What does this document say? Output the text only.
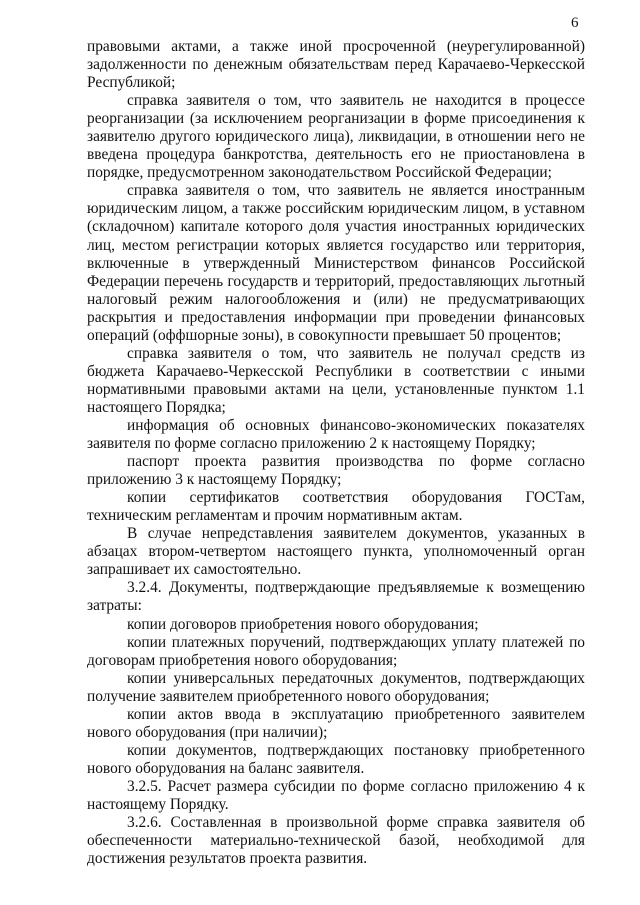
6

правовыми актами, а также иной просроченной (неурегулированной) задолженности по денежным обязательствам перед Карачаево-Черкесской Республикой;

справка заявителя о том, что заявитель не находится в процессе реорганизации (за исключением реорганизации в форме присоединения к заявителю другого юридического лица), ликвидации, в отношении него не введена процедура банкротства, деятельность его не приостановлена в порядке, предусмотренном законодательством Российской Федерации;

справка заявителя о том, что заявитель не является иностранным юридическим лицом, а также российским юридическим лицом, в уставном (складочном) капитале которого доля участия иностранных юридических лиц, местом регистрации которых является государство или территория, включенные в утвержденный Министерством финансов Российской Федерации перечень государств и территорий, предоставляющих льготный налоговый режим налогообложения и (или) не предусматривающих раскрытия и предоставления информации при проведении финансовых операций (оффшорные зоны), в совокупности превышает 50 процентов;

справка заявителя о том, что заявитель не получал средств из бюджета Карачаево-Черкесской Республики в соответствии с иными нормативными правовыми актами на цели, установленные пунктом 1.1 настоящего Порядка;

информация об основных финансово-экономических показателях заявителя по форме согласно приложению 2 к настоящему Порядку;

паспорт проекта развития производства по форме согласно приложению 3 к настоящему Порядку;

копии сертификатов соответствия оборудования ГОСТам, техническим регламентам и прочим нормативным актам.

В случае непредставления заявителем документов, указанных в абзацах втором-четвертом настоящего пункта, уполномоченный орган запрашивает их самостоятельно.

3.2.4. Документы, подтверждающие предъявляемые к возмещению затраты:

копии договоров приобретения нового оборудования;

копии платежных поручений, подтверждающих уплату платежей по договорам приобретения нового оборудования;

копии универсальных передаточных документов, подтверждающих получение заявителем приобретенного нового оборудования;

копии актов ввода в эксплуатацию приобретенного заявителем нового оборудования (при наличии);

копии документов, подтверждающих постановку приобретенного нового оборудования на баланс заявителя.

3.2.5. Расчет размера субсидии по форме согласно приложению 4 к настоящему Порядку.

3.2.6. Составленная в произвольной форме справка заявителя об обеспеченности материально-технической базой, необходимой для достижения результатов проекта развития.
